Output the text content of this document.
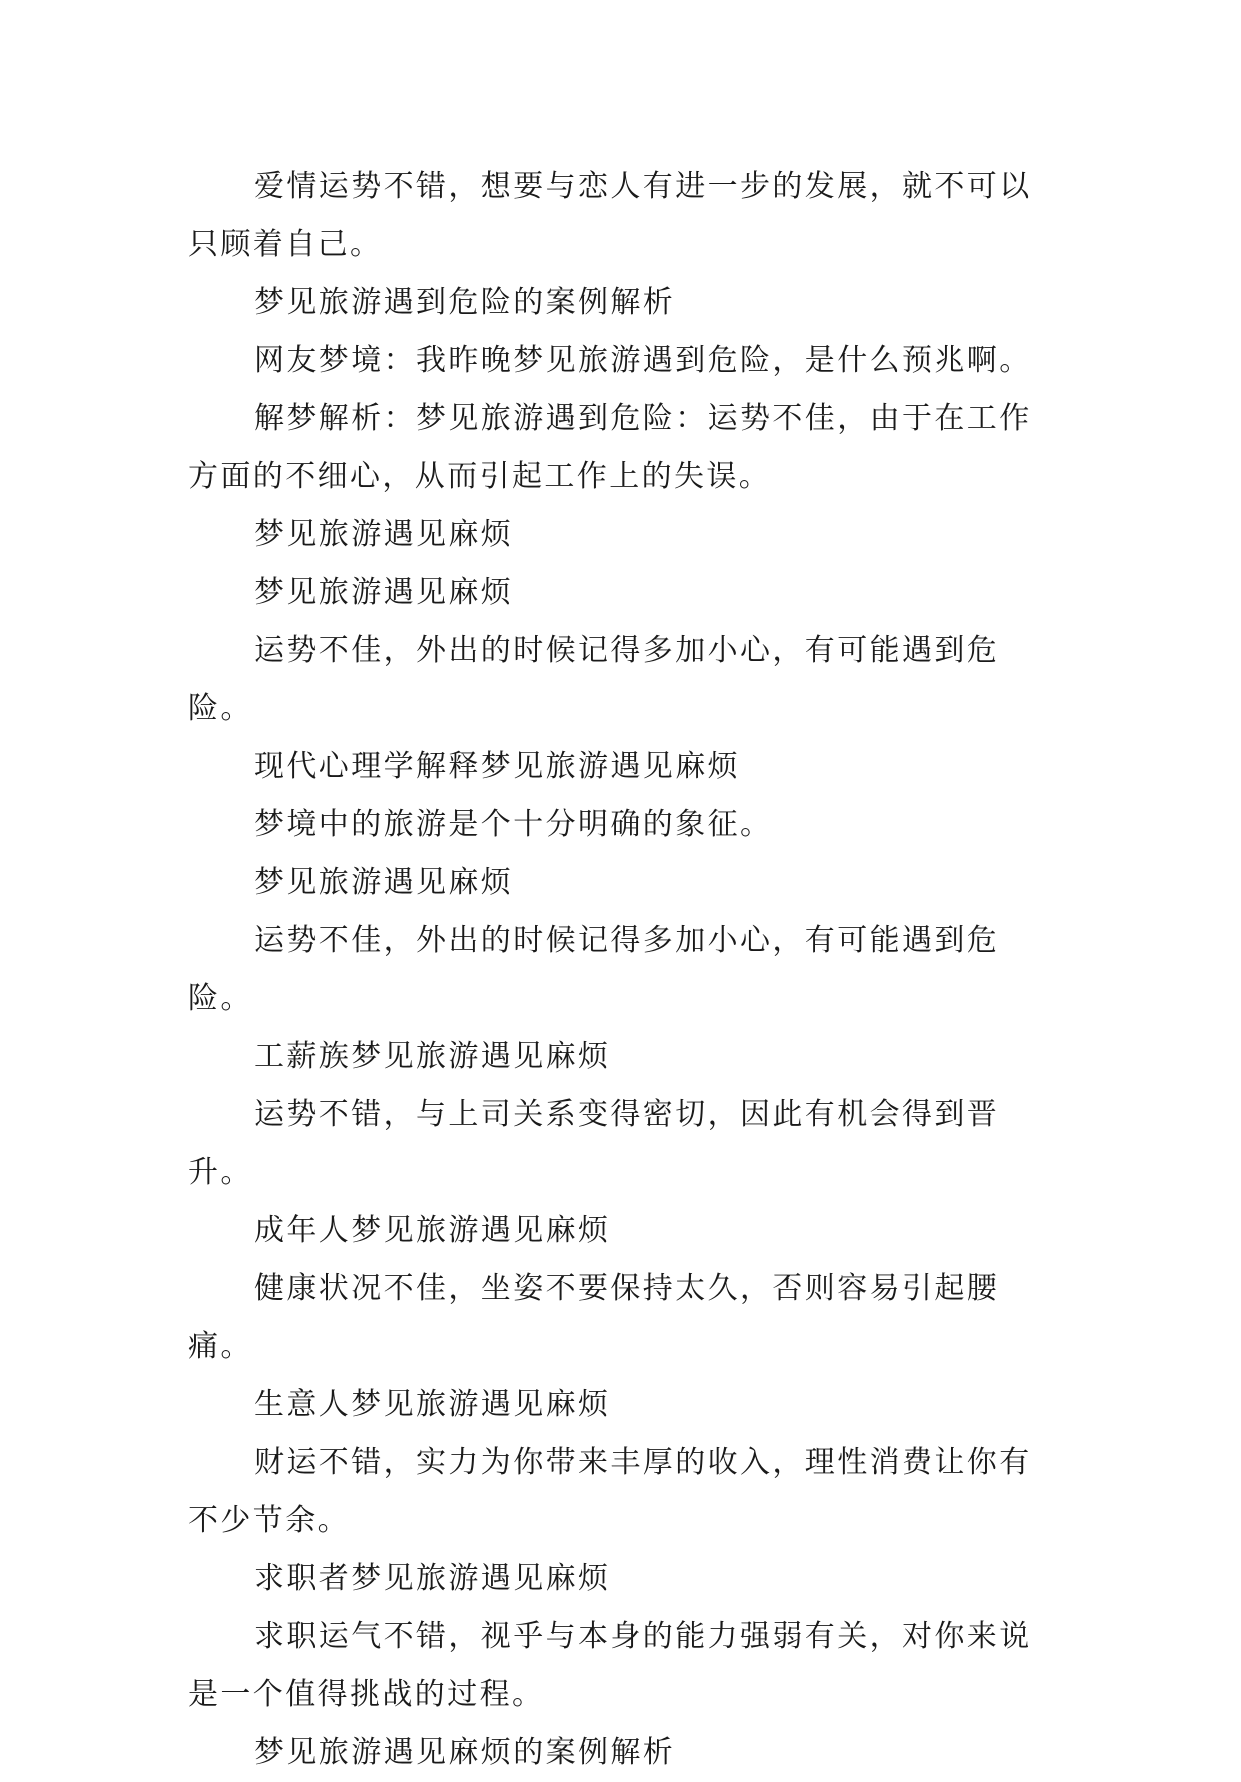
爱情运势不错，想要与恋人有进一步的发展，就不可以只顾着自己。

梦见旅游遇到危险的案例解析

网友梦境：我昨晚梦见旅游遇到危险，是什么预兆啊。

解梦解析：梦见旅游遇到危险：运势不佳，由于在工作方面的不细心，从而引起工作上的失误。

梦见旅游遇见麻烦

梦见旅游遇见麻烦

运势不佳，外出的时候记得多加小心，有可能遇到危险。

现代心理学解释梦见旅游遇见麻烦

梦境中的旅游是个十分明确的象征。

梦见旅游遇见麻烦

运势不佳，外出的时候记得多加小心，有可能遇到危险。

工薪族梦见旅游遇见麻烦

运势不错，与上司关系变得密切，因此有机会得到晋升。

成年人梦见旅游遇见麻烦

健康状况不佳，坐姿不要保持太久，否则容易引起腰痛。

生意人梦见旅游遇见麻烦

财运不错，实力为你带来丰厚的收入，理性消费让你有不少节余。

求职者梦见旅游遇见麻烦

求职运气不错，视乎与本身的能力强弱有关，对你来说是一个值得挑战的过程。

梦见旅游遇见麻烦的案例解析
